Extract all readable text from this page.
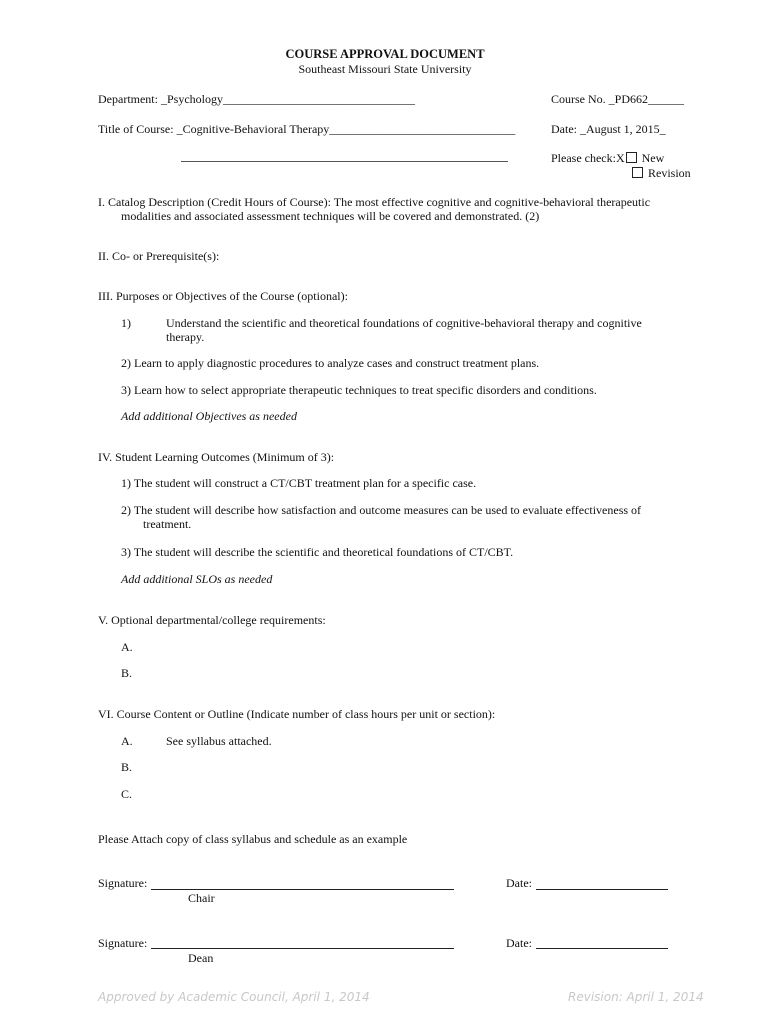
COURSE APPROVAL DOCUMENT
Southeast Missouri State University
Department: _Psychology________________________________	Course No. _PD662______
Title of Course: _Cognitive-Behavioral Therapy_______________________________	Date: _August 1, 2015_
Please check:X New
Revision
I. Catalog Description (Credit Hours of Course): The most effective cognitive and cognitive-behavioral therapeutic
modalities and associated assessment techniques will be covered and demonstrated. (2)
II. Co- or Prerequisite(s):
III. Purposes or Objectives of the Course (optional):
1)	Understand the scientific and theoretical foundations of cognitive-behavioral therapy and cognitive
therapy.
2) Learn to apply diagnostic procedures to analyze cases and construct treatment plans.
3) Learn how to select appropriate therapeutic techniques to treat specific disorders and conditions.
Add additional Objectives as needed
IV. Student Learning Outcomes (Minimum of 3):
1) The student will construct a CT/CBT treatment plan for a specific case.
2) The student will describe how satisfaction and outcome measures can be used to evaluate effectiveness of
treatment.
3) The student will describe the scientific and theoretical foundations of CT/CBT.
Add additional SLOs as needed
V. Optional departmental/college requirements:
A.
B.
VI. Course Content or Outline (Indicate number of class hours per unit or section):
A.	See syllabus attached.
B.
C.
Please Attach copy of class syllabus and schedule as an example
Signature:	Date:
Chair
Signature:	Date:
Dean
Approved by Academic Council, April 1, 2014	Revision: April 1, 2014
